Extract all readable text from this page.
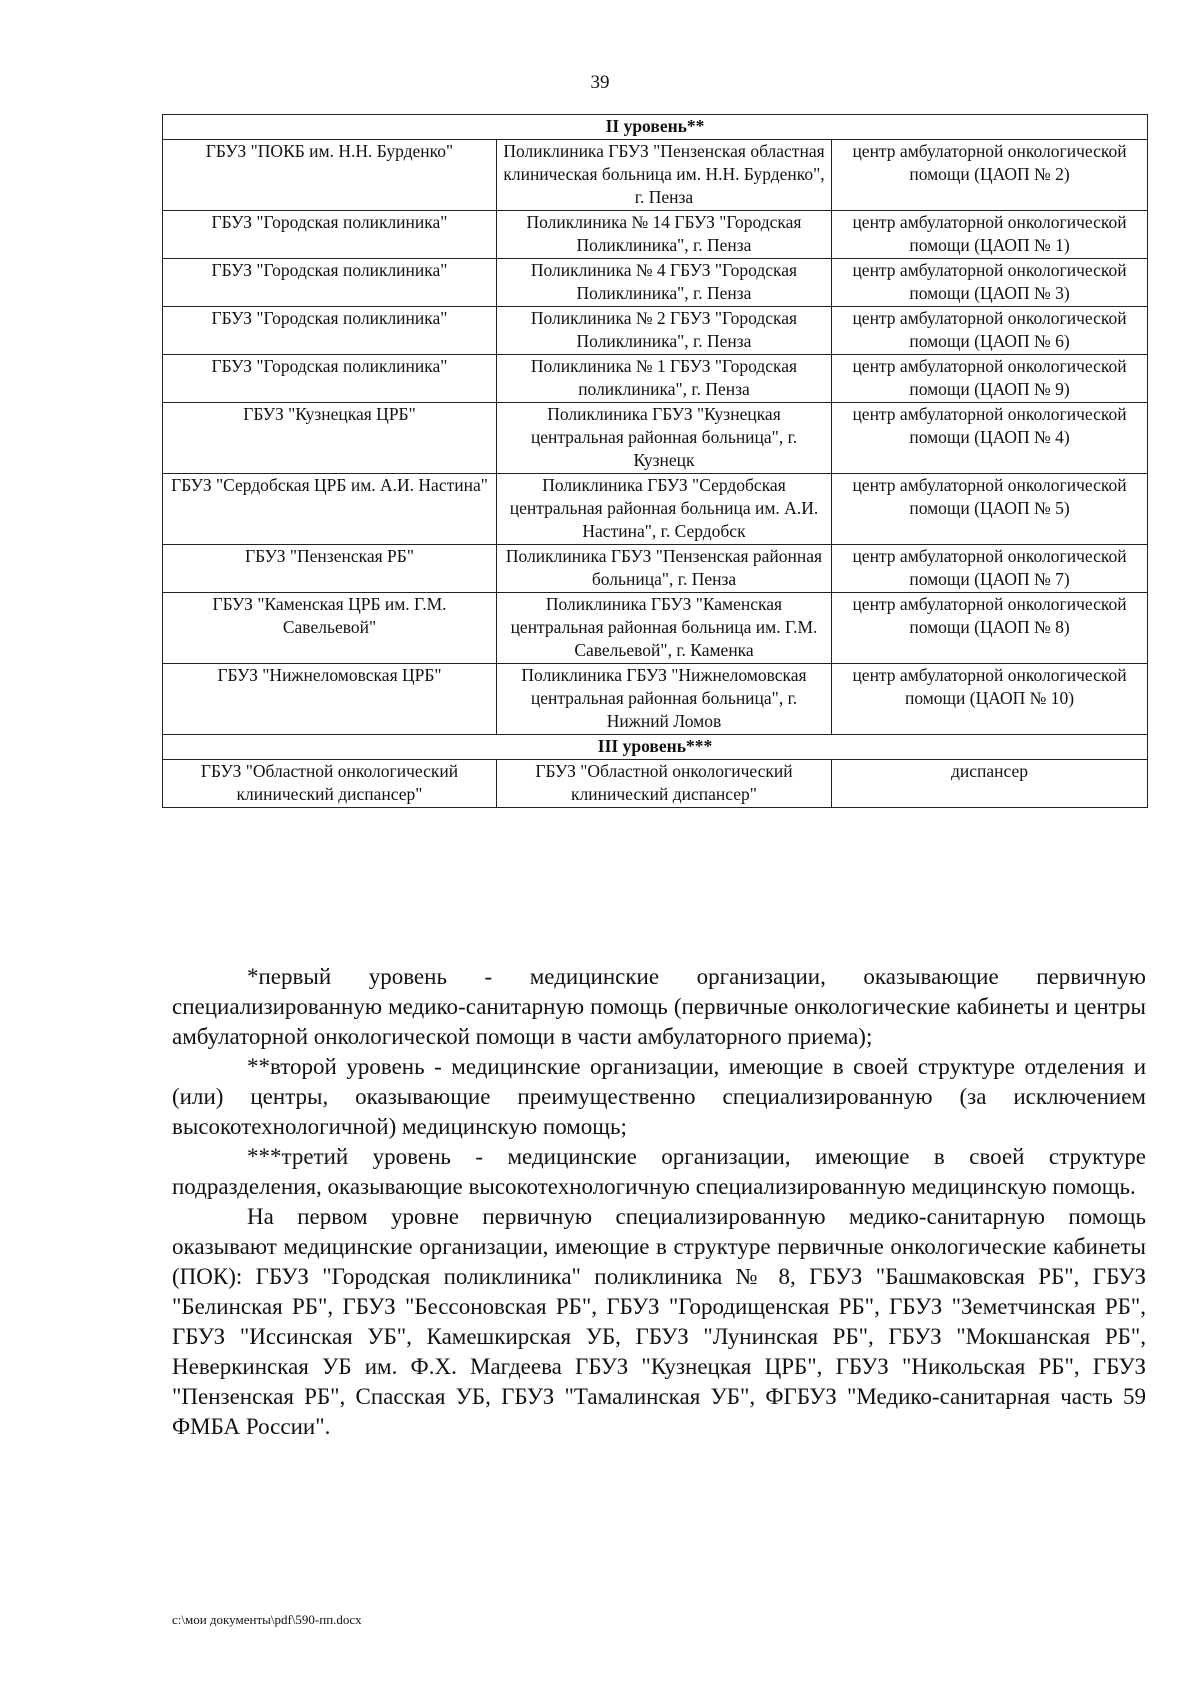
39
II уровень**		
ГБУЗ "ПОКБ им. Н.Н. Бурденко"	Поликлиника ГБУЗ "Пензенская областная клиническая больница им. Н.Н. Бурденко", г. Пенза	центр амбулаторной онкологической помощи (ЦАОП № 2)
ГБУЗ "Городская поликлиника"	Поликлиника № 14 ГБУЗ "Городская Поликлиника", г. Пенза	центр амбулаторной онкологической помощи (ЦАОП № 1)
ГБУЗ "Городская поликлиника"	Поликлиника № 4 ГБУЗ "Городская Поликлиника", г. Пенза	центр амбулаторной онкологической помощи (ЦАОП № 3)
ГБУЗ "Городская поликлиника"	Поликлиника № 2 ГБУЗ "Городская Поликлиника", г. Пенза	центр амбулаторной онкологической помощи (ЦАОП № 6)
ГБУЗ "Городская поликлиника"	Поликлиника № 1 ГБУЗ "Городская поликлиника", г. Пенза	центр амбулаторной онкологической помощи (ЦАОП № 9)
ГБУЗ "Кузнецкая ЦРБ"	Поликлиника ГБУЗ "Кузнецкая центральная районная больница", г. Кузнецк	центр амбулаторной онкологической помощи (ЦАОП № 4)
ГБУЗ "Сердобская ЦРБ им. А.И. Настина"	Поликлиника ГБУЗ "Сердобская центральная районная больница им. А.И. Настина", г. Сердобск	центр амбулаторной онкологической помощи (ЦАОП № 5)
ГБУЗ "Пензенская РБ"	Поликлиника ГБУЗ "Пензенская районная больница", г. Пенза	центр амбулаторной онкологической помощи (ЦАОП № 7)
ГБУЗ "Каменская ЦРБ им. Г.М. Савельевой"	Поликлиника ГБУЗ "Каменская центральная районная больница им. Г.М. Савельевой", г. Каменка	центр амбулаторной онкологической помощи (ЦАОП № 8)
ГБУЗ "Нижнеломовская ЦРБ"	Поликлиника ГБУЗ "Нижнеломовская центральная районная больница", г. Нижний Ломов	центр амбулаторной онкологической помощи (ЦАОП № 10)
III уровень***		
ГБУЗ "Областной онкологический клинический диспансер"	ГБУЗ "Областной онкологический клинический диспансер"	диспансер

*первый уровень - медицинские организации, оказывающие первичную специализированную медико-санитарную помощь (первичные онкологические кабинеты и центры амбулаторной онкологической помощи в части амбулаторного приема);

**второй уровень - медицинские организации, имеющие в своей структуре отделения и (или) центры, оказывающие преимущественно специализированную (за исключением высокотехнологичной) медицинскую помощь;

***третий уровень - медицинские организации, имеющие в своей структуре подразделения, оказывающие высокотехнологичную специализированную медицинскую помощь.

На первом уровне первичную специализированную медико-санитарную помощь оказывают медицинские организации, имеющие в структуре первичные онкологические кабинеты (ПОК): ГБУЗ "Городская поликлиника" поликлиника № 8, ГБУЗ "Башмаковская РБ", ГБУЗ "Белинская РБ", ГБУЗ "Бессоновская РБ", ГБУЗ "Городищенская РБ", ГБУЗ "Земетчинская РБ", ГБУЗ "Иссинская УБ", Камешкирская УБ, ГБУЗ "Лунинская РБ", ГБУЗ "Мокшанская РБ", Неверкинская УБ им. Ф.Х. Магдеева ГБУЗ "Кузнецкая ЦРБ", ГБУЗ "Никольская РБ", ГБУЗ "Пензенская РБ", Спасская УБ, ГБУЗ "Тамалинская УБ", ФГБУЗ "Медико-санитарная часть 59 ФМБА России".

c:\мои документы\pdf\590-пп.docx
